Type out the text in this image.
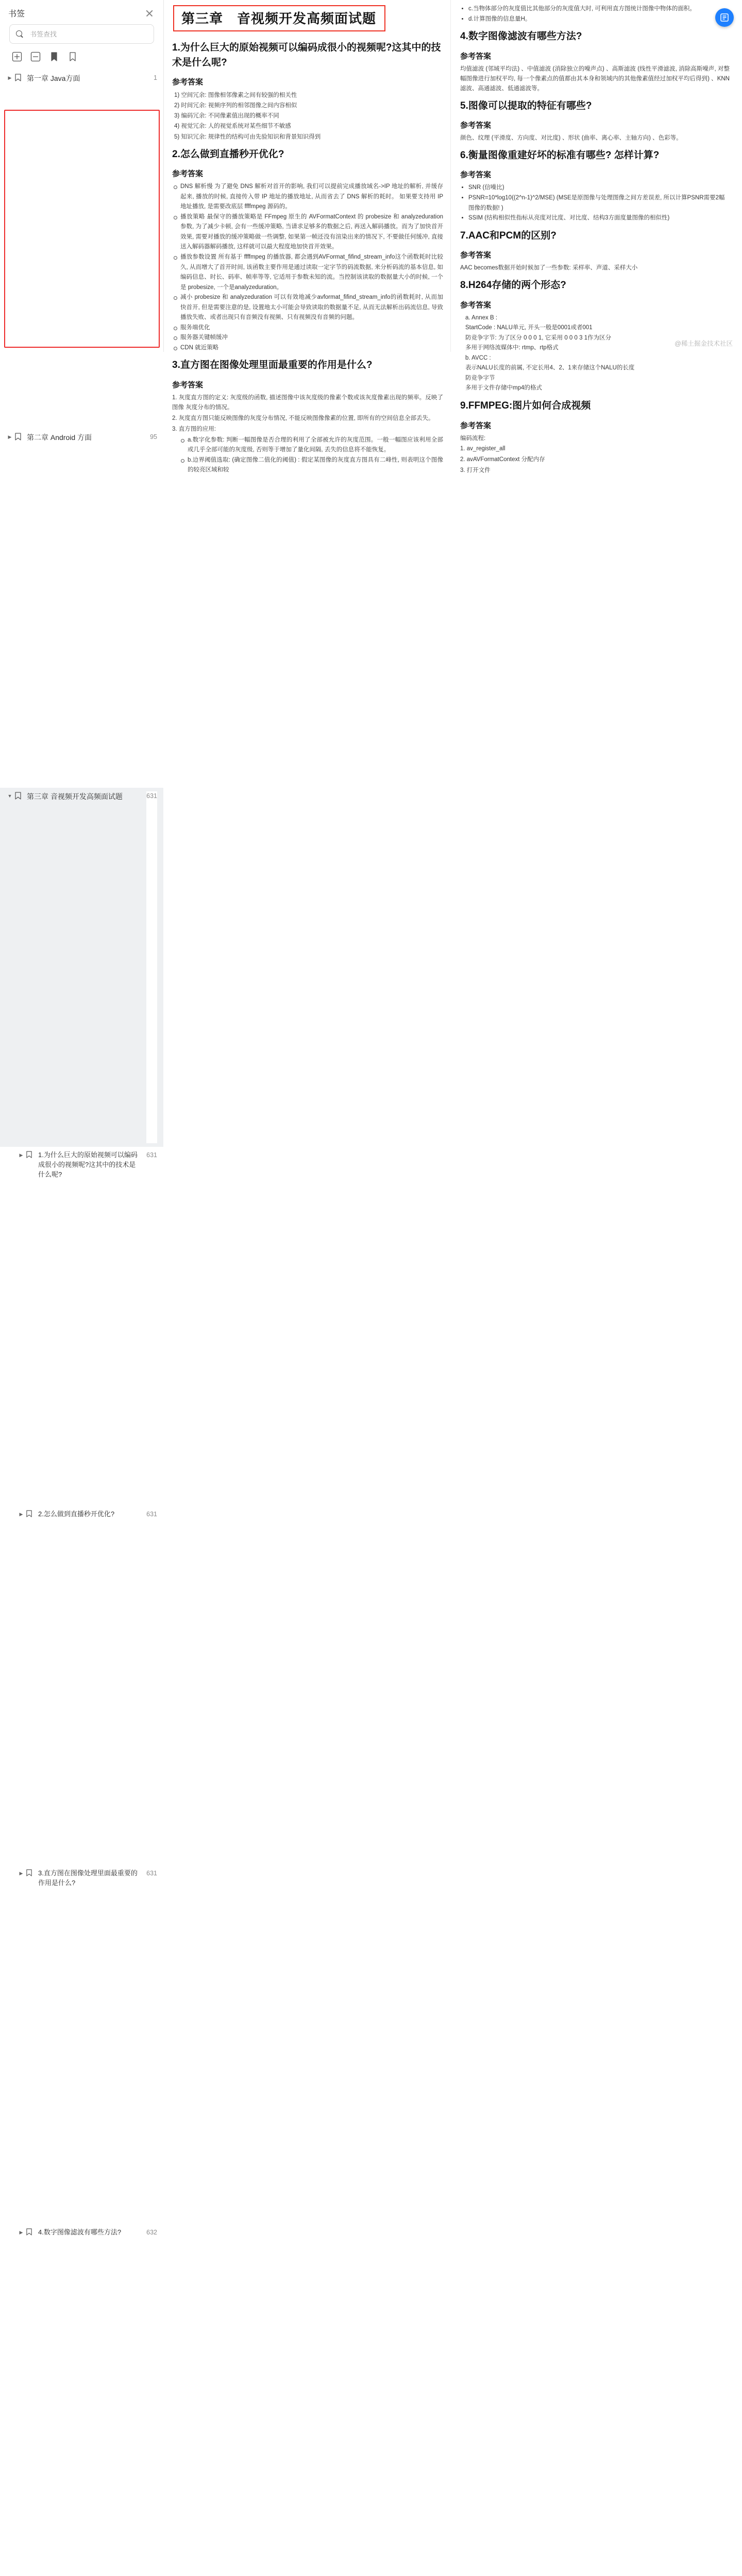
书签
书签查找
▶ 第一章 Java方面	1
▶ 第二章 Android 方面	95
▼ 第三章 音视频开发高频面试题	631
▶ 1.为什么巨大的原始视频可以编码成很小的视频呢?这其中的技术是什么呢?
631
▶ 2.怎么做到直播秒开优化?	631
▶ 3.直方图在图像处理里面最重要的作用是什么?
631
▶ 4.数字图像滤波有哪些方法?	632
第三章　音视频开发高频面试题
1.为什么巨大的原始视频可以编码成很小的视频呢?这其中的技术是什么呢?
参考答案
1) 空间冗余: 图像相邻像素之间有较强的相关性
2) 时间冗余: 视频序列的相邻图像之间内容相似
3) 编码冗余: 不同像素值出现的概率不同
4) 视觉冗余: 人的视觉系统对某些细节不敏感
5) 知识冗余: 规律性的结构可由先验知识和背景知识得到
2.怎么做到直播秒开优化?
参考答案
DNS 解析慢 为了避免 DNS 解析对首开的影响, 我们可以提前完成播放域名->IP 地址的解析, 并缓存起来, 播放的时候, 直接传入带 IP 地址的播放地址, 从而省去了 DNS 解析的耗时。 如果要支持用 IP 地址播放, 是需要改底层 ffffmpeg 源码的。
播放策略 最保守的播放策略是 FFmpeg 原生的 AVFormatContext 的 probesize 和 analyzeduration 参数, 为了减少卡顿, 会有一些缓冲策略, 当请求足够多的数据之后, 再送入解码播放。而为了加快首开效果, 需要对播放的缓冲策略做一些调整, 如果第一帧还没有渲染出来的情况下, 不要做任何缓冲, 直接送入解码器解码播放, 这样就可以最大程度地加快首开效果。
播放参数设置 所有基于 ffffmpeg 的播放器, 都会遇到AVFormat_fifind_stream_info这个函数耗时比较久, 从而增大了首开时间, 该函数主要作用是通过读取一定字节的码流数据, 来分析码流的基本信息, 如编码信息、时长、码率、帧率等等, 它适用于参数未知的流。当控制该读取的数据量大小的时候, 一个是 probesize, 一个是analyzeduration。
减小 probesize 和 analyzeduration 可以有效地减少avformat_fifind_stream_info的函数耗时, 从而加快首开, 但是需要注意的是, 设置地太小可能会导致读取的数据量不足, 从而无法解析出码流信息, 导致播放失败、或者出现只有音频没有视频、只有视频没有音频的问题。
服务端优化
服务器关键帧缓冲
CDN 就近策略
3.直方图在图像处理里面最重要的作用是什么?
参考答案
1. 灰度直方图的定义: 灰度级的函数, 描述图像中该灰度级的像素个数或该灰度像素出现的频率。反映了图像 灰度分布的情况。
2. 灰度直方图只能反映图像的灰度分布情况, 不能反映图像像素的位置, 即所有的空间信息全部丢失。
3. 直方图的应用:
a.数字化参数: 判断一幅图像是否合理的利用了全部被允许的灰度范围。一般一幅图应该利用全部或几乎全部可能的灰度级, 否则等于增加了量化间隔, 丢失的信息将不能恢复。
b.边界阈值选取: (确定图像二值化的阈值) : 假定某图像的灰度直方图具有二峰性, 则表明这个图像的较亮区域和较
• c.当物体部分的灰度值比其他部分的灰度值大时, 可利用直方图统计图像中物体的面积。
• d.计算图像的信息量H。
4.数字图像滤波有哪些方法?
参考答案
均值滤波 (邻域平均法) 、中值滤波 (消除独立的噪声点) 、高斯滤波 (线性平滑滤波, 消除高斯噪声, 对整幅图像进行加权平均, 每一个像素点的值都由其本身和领域内的其他像素值经过加权平均后得到) 、KNN滤波、高通滤波、低通滤波等。
5.图像可以提取的特征有哪些?
参考答案
颜色、纹理 (平滑度、方向度、对比度) 、形状 (曲率、离心率、主轴方向) 、色彩等。
6.衡量图像重建好坏的标准有哪些? 怎样计算?
参考答案
• SNR (信噪比)
• PSNR=10*log10((2^n-1)^2/MSE) (MSE是原图像与处理图像之间方差误差, 所以计算PSNR需要2幅图像的数据! )
• SSIM (结构相似性指标从亮度对比度、对比度、结构3方面度量图像的相似性)
7.AAC和PCM的区别?
参考答案
AAC becomes数据开始时候加了一些参数: 采样率、声道、采样大小
8.H264存储的两个形态?
参考答案
a. Annex B :
StartCode : NALU单元, 开头一般是0001或者001
防竞争字节: 为了区分 0 0 0 1, 它采用 0 0 0 3 1作为区分
多用于网络流媒体中: rtmp、rtp格式
b. AVCC :
表示NALU长度的前属, 不定长用4、2、1来存储这个NALU的长度
防竞争字节
多用于文件存储中mp4的格式
9.FFMPEG:图片如何合成视频
参考答案
编码流程:
1. av_register_all
2. avAVFormatContext 分配内存
3. 打开文件
@稀土掘金技术社区
